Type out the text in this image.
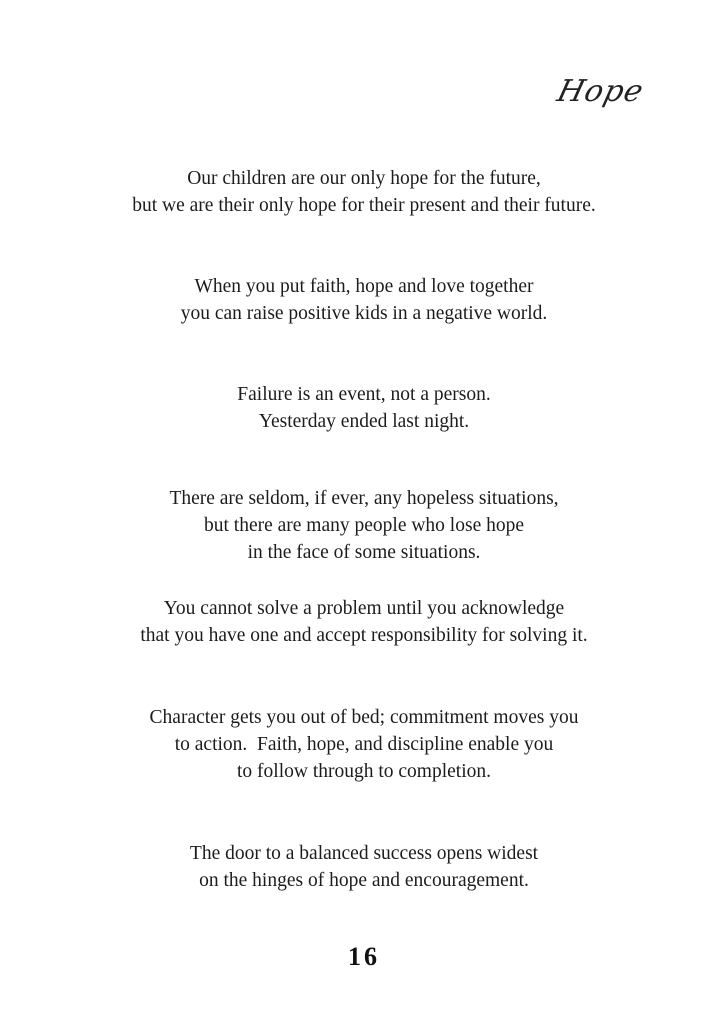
Hope
Our children are our only hope for the future,
but we are their only hope for their present and their future.
When you put faith, hope and love together
you can raise positive kids in a negative world.
Failure is an event, not a person.
Yesterday ended last night.
There are seldom, if ever, any hopeless situations,
but there are many people who lose hope
in the face of some situations.
You cannot solve a problem until you acknowledge
that you have one and accept responsibility for solving it.
Character gets you out of bed; commitment moves you
to action.  Faith, hope, and discipline enable you
to follow through to completion.
The door to a balanced success opens widest
on the hinges of hope and encouragement.
16
